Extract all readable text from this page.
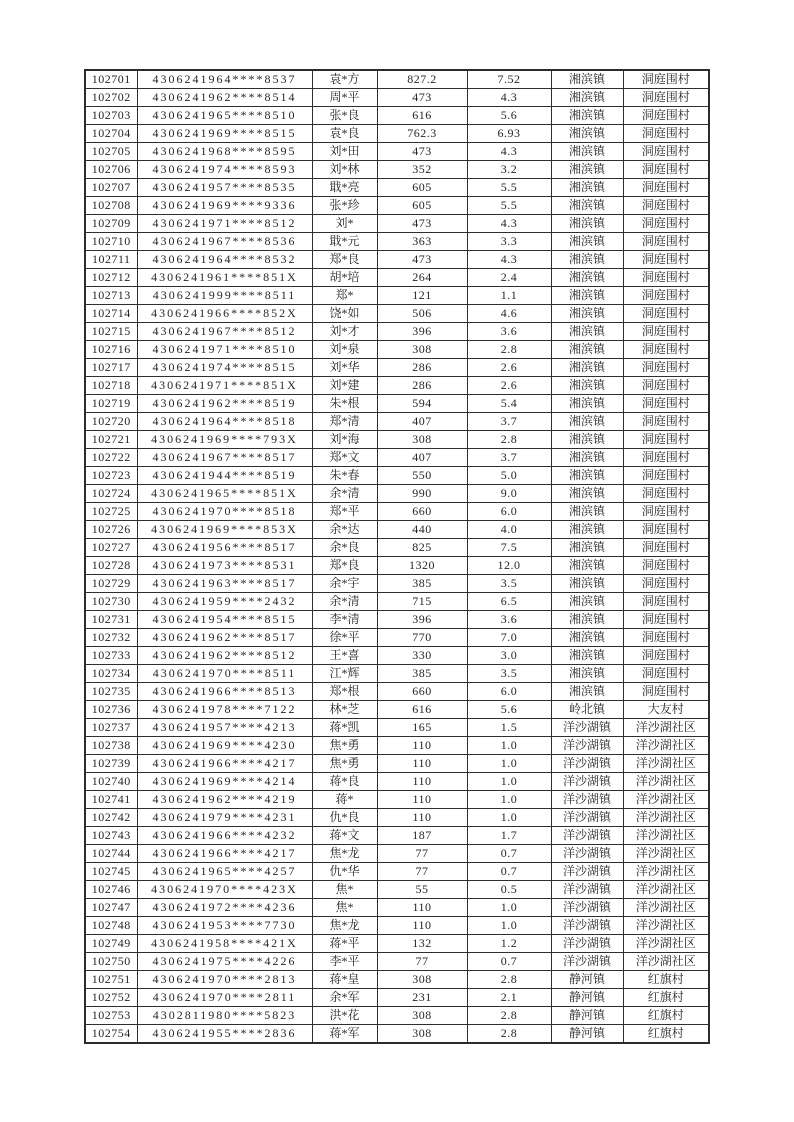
102701	4306241964****8537	袁*方	827.2	7.52	湘滨镇	洞庭围村
102702	4306241962****8514	周*平	473	4.3	湘滨镇	洞庭围村
102703	4306241965****8510	张*良	616	5.6	湘滨镇	洞庭围村
102704	4306241969****8515	袁*良	762.3	6.93	湘滨镇	洞庭围村
102705	4306241968****8595	刘*田	473	4.3	湘滨镇	洞庭围村
102706	4306241974****8593	刘*林	352	3.2	湘滨镇	洞庭围村
102707	4306241957****8535	戢*亮	605	5.5	湘滨镇	洞庭围村
102708	4306241969****9336	张*珍	605	5.5	湘滨镇	洞庭围村
102709	4306241971****8512	刘*	473	4.3	湘滨镇	洞庭围村
102710	4306241967****8536	戢*元	363	3.3	湘滨镇	洞庭围村
102711	4306241964****8532	郑*良	473	4.3	湘滨镇	洞庭围村
102712	4306241961****851X	胡*培	264	2.4	湘滨镇	洞庭围村
102713	4306241999****8511	郑*	121	1.1	湘滨镇	洞庭围村
102714	4306241966****852X	饶*如	506	4.6	湘滨镇	洞庭围村
102715	4306241967****8512	刘*才	396	3.6	湘滨镇	洞庭围村
102716	4306241971****8510	刘*泉	308	2.8	湘滨镇	洞庭围村
102717	4306241974****8515	刘*华	286	2.6	湘滨镇	洞庭围村
102718	4306241971****851X	刘*建	286	2.6	湘滨镇	洞庭围村
102719	4306241962****8519	朱*根	594	5.4	湘滨镇	洞庭围村
102720	4306241964****8518	郑*清	407	3.7	湘滨镇	洞庭围村
102721	4306241969****793X	刘*海	308	2.8	湘滨镇	洞庭围村
102722	4306241967****8517	郑*文	407	3.7	湘滨镇	洞庭围村
102723	4306241944****8519	朱*春	550	5.0	湘滨镇	洞庭围村
102724	4306241965****851X	余*清	990	9.0	湘滨镇	洞庭围村
102725	4306241970****8518	郑*平	660	6.0	湘滨镇	洞庭围村
102726	4306241969****853X	余*达	440	4.0	湘滨镇	洞庭围村
102727	4306241956****8517	余*良	825	7.5	湘滨镇	洞庭围村
102728	4306241973****8531	郑*良	1320	12.0	湘滨镇	洞庭围村
102729	4306241963****8517	余*宇	385	3.5	湘滨镇	洞庭围村
102730	4306241959****2432	余*清	715	6.5	湘滨镇	洞庭围村
102731	4306241954****8515	李*清	396	3.6	湘滨镇	洞庭围村
102732	4306241962****8517	徐*平	770	7.0	湘滨镇	洞庭围村
102733	4306241962****8512	王*喜	330	3.0	湘滨镇	洞庭围村
102734	4306241970****8511	江*辉	385	3.5	湘滨镇	洞庭围村
102735	4306241966****8513	郑*根	660	6.0	湘滨镇	洞庭围村
102736	4306241978****7122	林*芝	616	5.6	岭北镇	大友村
102737	4306241957****4213	蒋*凯	165	1.5	洋沙湖镇	洋沙湖社区
102738	4306241969****4230	焦*勇	110	1.0	洋沙湖镇	洋沙湖社区
102739	4306241966****4217	焦*勇	110	1.0	洋沙湖镇	洋沙湖社区
102740	4306241969****4214	蒋*良	110	1.0	洋沙湖镇	洋沙湖社区
102741	4306241962****4219	蒋*	110	1.0	洋沙湖镇	洋沙湖社区
102742	4306241979****4231	仇*良	110	1.0	洋沙湖镇	洋沙湖社区
102743	4306241966****4232	蒋*文	187	1.7	洋沙湖镇	洋沙湖社区
102744	4306241966****4217	焦*龙	77	0.7	洋沙湖镇	洋沙湖社区
102745	4306241965****4257	仇*华	77	0.7	洋沙湖镇	洋沙湖社区
102746	4306241970****423X	焦*	55	0.5	洋沙湖镇	洋沙湖社区
102747	4306241972****4236	焦*	110	1.0	洋沙湖镇	洋沙湖社区
102748	4306241953****7730	焦*龙	110	1.0	洋沙湖镇	洋沙湖社区
102749	4306241958****421X	蒋*平	132	1.2	洋沙湖镇	洋沙湖社区
102750	4306241975****4226	李*平	77	0.7	洋沙湖镇	洋沙湖社区
102751	4306241970****2813	蒋*皇	308	2.8	静河镇	红旗村
102752	4306241970****2811	余*军	231	2.1	静河镇	红旗村
102753	4302811980****5823	洪*花	308	2.8	静河镇	红旗村
102754	4306241955****2836	蒋*军	308	2.8	静河镇	红旗村
